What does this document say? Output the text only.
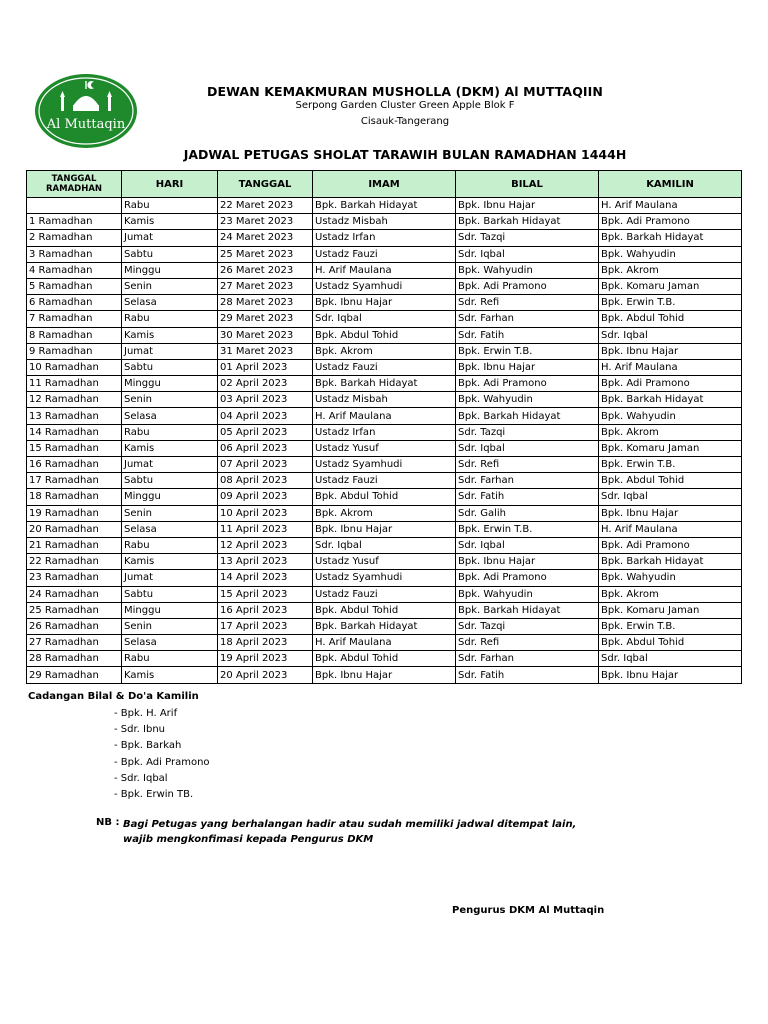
Al Muttaqin
DEWAN KEMAKMURAN MUSHOLLA (DKM) Al MUTTAQIIN
Serpong Garden Cluster Green Apple Blok F
Cisauk-Tangerang
JADWAL PETUGAS SHOLAT TARAWIH BULAN RAMADHAN 1444H
TANGGAL RAMADHAN	HARI	TANGGAL	IMAM	BILAL	KAMILIN
	Rabu	22 Maret 2023	Bpk. Barkah Hidayat	Bpk. Ibnu Hajar	H. Arif Maulana
1 Ramadhan	Kamis	23 Maret 2023	Ustadz Misbah	Bpk. Barkah Hidayat	Bpk. Adi Pramono
2 Ramadhan	Jumat	24 Maret 2023	Ustadz Irfan	Sdr. Tazqi	Bpk. Barkah Hidayat
3 Ramadhan	Sabtu	25 Maret 2023	Ustadz Fauzi	Sdr. Iqbal	Bpk. Wahyudin
4 Ramadhan	Minggu	26 Maret 2023	H. Arif Maulana	Bpk. Wahyudin	Bpk. Akrom
5 Ramadhan	Senin	27 Maret 2023	Ustadz Syamhudi	Bpk. Adi Pramono	Bpk. Komaru Jaman
6 Ramadhan	Selasa	28 Maret 2023	Bpk. Ibnu Hajar	Sdr. Refi	Bpk. Erwin T.B.
7 Ramadhan	Rabu	29 Maret 2023	Sdr. Iqbal	Sdr. Farhan	Bpk. Abdul Tohid
8 Ramadhan	Kamis	30 Maret 2023	Bpk. Abdul Tohid	Sdr. Fatih	Sdr. Iqbal
9 Ramadhan	Jumat	31 Maret 2023	Bpk. Akrom	Bpk. Erwin T.B.	Bpk. Ibnu Hajar
10 Ramadhan	Sabtu	01 April 2023	Ustadz Fauzi	Bpk. Ibnu Hajar	H. Arif Maulana
11 Ramadhan	Minggu	02 April 2023	Bpk. Barkah Hidayat	Bpk. Adi Pramono	Bpk. Adi Pramono
12 Ramadhan	Senin	03 April 2023	Ustadz Misbah	Bpk. Wahyudin	Bpk. Barkah Hidayat
13 Ramadhan	Selasa	04 April 2023	H. Arif Maulana	Bpk. Barkah Hidayat	Bpk. Wahyudin
14 Ramadhan	Rabu	05 April 2023	Ustadz Irfan	Sdr. Tazqi	Bpk. Akrom
15 Ramadhan	Kamis	06 April 2023	Ustadz Yusuf	Sdr. Iqbal	Bpk. Komaru Jaman
16 Ramadhan	Jumat	07 April 2023	Ustadz Syamhudi	Sdr. Refi	Bpk. Erwin T.B.
17 Ramadhan	Sabtu	08 April 2023	Ustadz Fauzi	Sdr. Farhan	Bpk. Abdul Tohid
18 Ramadhan	Minggu	09 April 2023	Bpk. Abdul Tohid	Sdr. Fatih	Sdr. Iqbal
19 Ramadhan	Senin	10 April 2023	Bpk. Akrom	Sdr. Galih	Bpk. Ibnu Hajar
20 Ramadhan	Selasa	11 April 2023	Bpk. Ibnu Hajar	Bpk. Erwin T.B.	H. Arif Maulana
21 Ramadhan	Rabu	12 April 2023	Sdr. Iqbal	Sdr. Iqbal	Bpk. Adi Pramono
22 Ramadhan	Kamis	13 April 2023	Ustadz Yusuf	Bpk. Ibnu Hajar	Bpk. Barkah Hidayat
23 Ramadhan	Jumat	14 April 2023	Ustadz Syamhudi	Bpk. Adi Pramono	Bpk. Wahyudin
24 Ramadhan	Sabtu	15 April 2023	Ustadz Fauzi	Bpk. Wahyudin	Bpk. Akrom
25 Ramadhan	Minggu	16 April 2023	Bpk. Abdul Tohid	Bpk. Barkah Hidayat	Bpk. Komaru Jaman
26 Ramadhan	Senin	17 April 2023	Bpk. Barkah Hidayat	Sdr. Tazqi	Bpk. Erwin T.B.
27 Ramadhan	Selasa	18 April 2023	H. Arif Maulana	Sdr. Refi	Bpk. Abdul Tohid
28 Ramadhan	Rabu	19 April 2023	Bpk. Abdul Tohid	Sdr. Farhan	Sdr. Iqbal
29 Ramadhan	Kamis	20 April 2023	Bpk. Ibnu Hajar	Sdr. Fatih	Bpk. Ibnu Hajar
Cadangan Bilal & Do'a Kamilin
- Bpk. H. Arif
- Sdr. Ibnu
- Bpk. Barkah
- Bpk. Adi Pramono
- Sdr. Iqbal
- Bpk. Erwin TB.
NB : Bagi Petugas yang berhalangan hadir atau sudah memiliki jadwal ditempat lain,
wajib mengkonfimasi kepada Pengurus DKM
Pengurus DKM Al Muttaqin
